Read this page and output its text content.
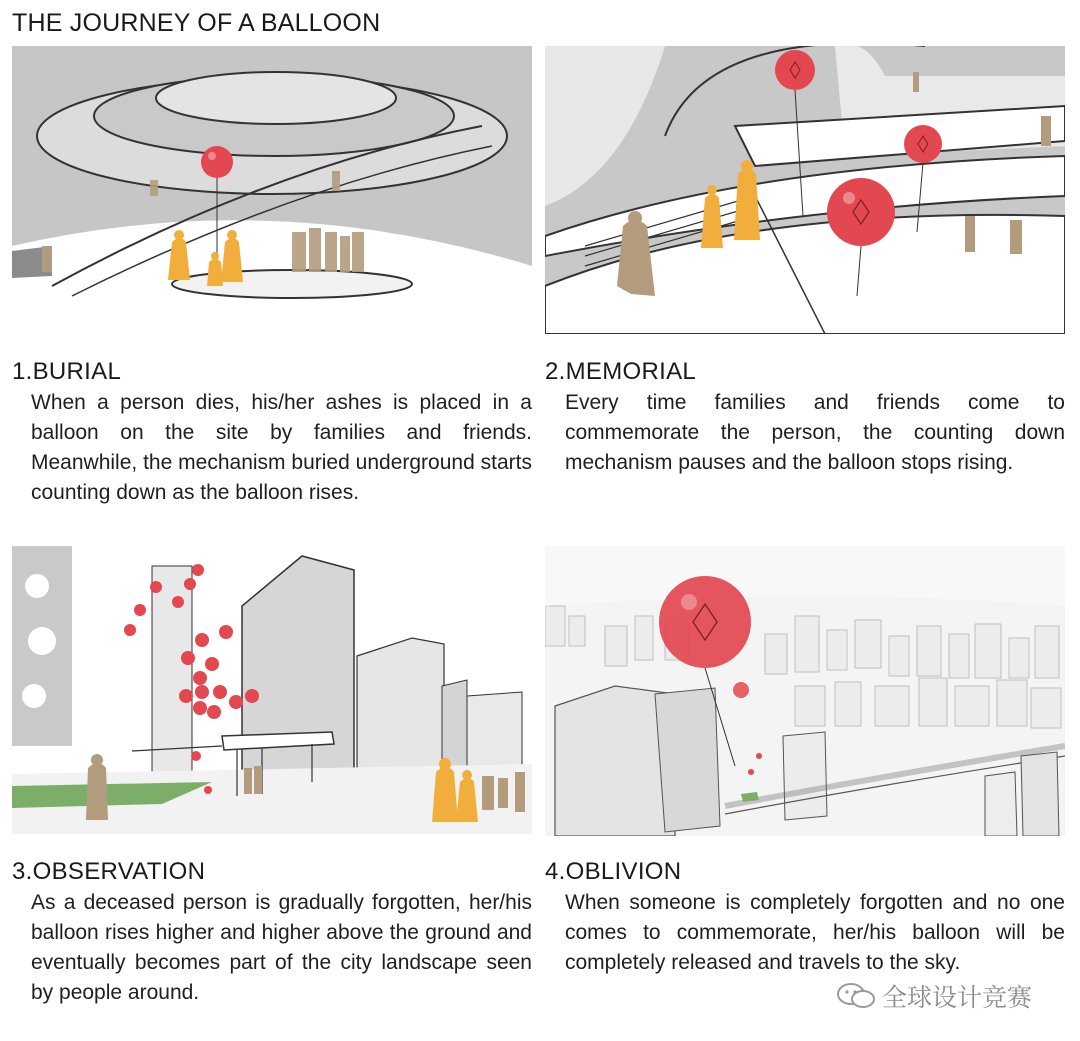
THE JOURNEY OF A BALLOON
1.BURIAL
When a person dies, his/her ashes is placed in a balloon on the site by families and friends. Meanwhile, the mechanism buried underground starts counting down as the balloon rises.
2.MEMORIAL
Every time families and friends come to commemorate the person, the counting down mechanism pauses and the balloon stops rising.
3.OBSERVATION
As a deceased person is gradually forgotten, her/his balloon rises higher and higher above the ground and eventually becomes part of the city landscape seen by people around.
4.OBLIVION
When someone is completely forgotten and no one comes to commemorate, her/his balloon will be completely released and travels to the sky.
全球设计竞赛
